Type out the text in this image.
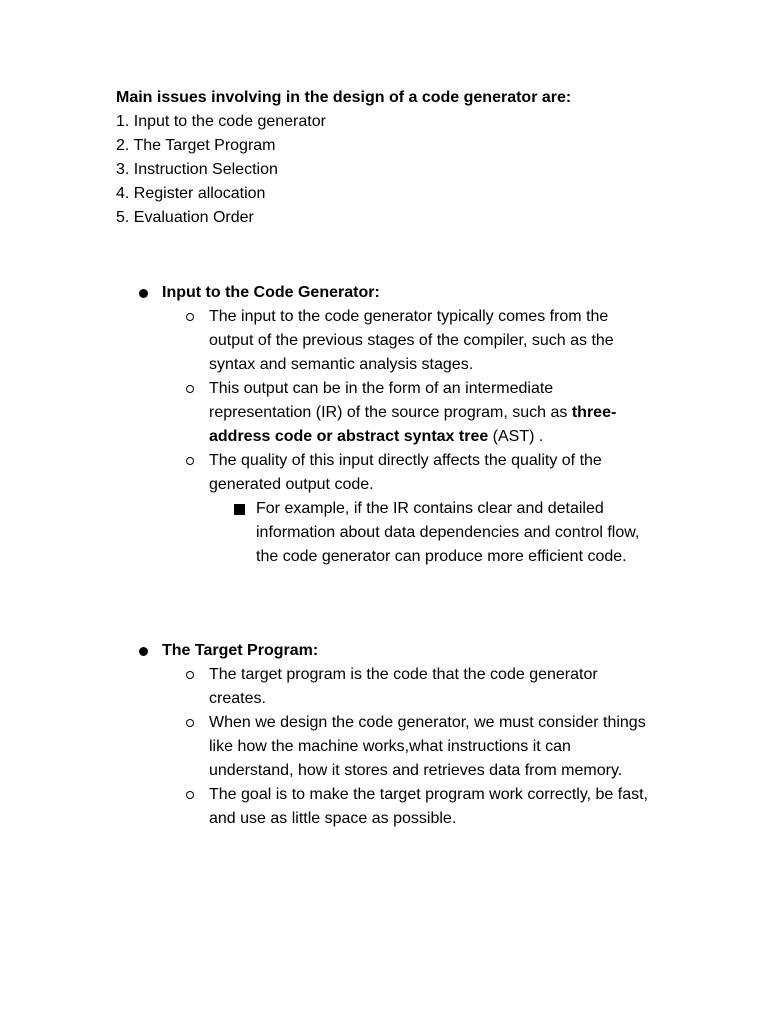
Main issues involving in the design of a code generator are:
1. Input to the code generator
2. The Target Program
3. Instruction Selection
4. Register allocation
5. Evaluation Order
Input to the Code Generator:
The input to the code generator typically comes from the output of the previous stages of the compiler, such as the syntax and semantic analysis stages.
This output can be in the form of an intermediate representation (IR) of the source program, such as three-address code or abstract syntax tree (AST) .
The quality of this input directly affects the quality of the generated output code.
For example, if the IR contains clear and detailed information about data dependencies and control flow, the code generator can produce more efficient code.
The Target Program:
The target program is the code that the code generator creates.
When we design the code generator, we must consider things like how the machine works,what instructions it can understand, how it stores and retrieves data from memory.
The goal is to make the target program work correctly, be fast, and use as little space as possible.
